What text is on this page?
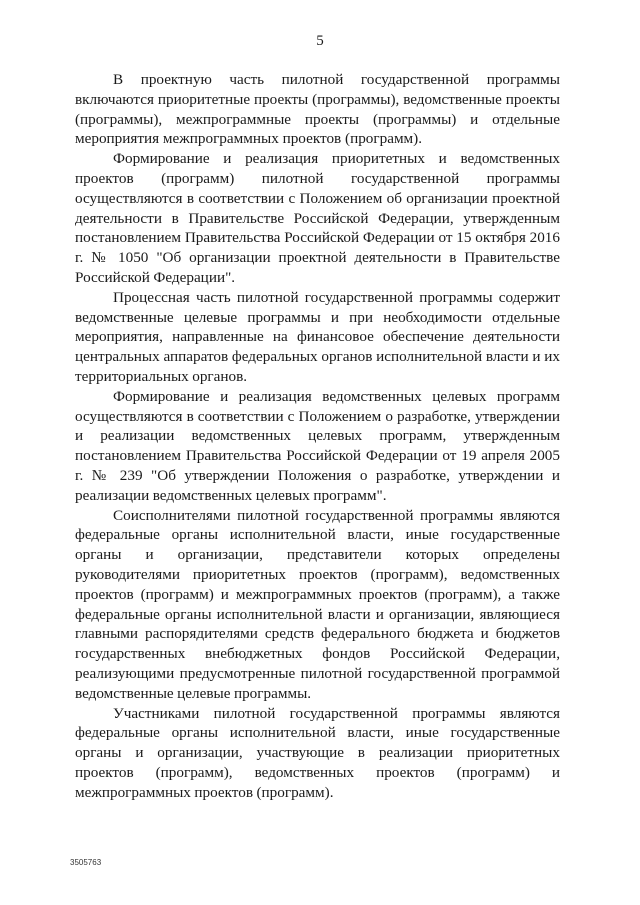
5

В проектную часть пилотной государственной программы включаются приоритетные проекты (программы), ведомственные проекты (программы), межпрограммные проекты (программы) и отдельные мероприятия межпрограммных проектов (программ).

Формирование и реализация приоритетных и ведомственных проектов (программ) пилотной государственной программы осуществляются в соответствии с Положением об организации проектной деятельности в Правительстве Российской Федерации, утвержденным постановлением Правительства Российской Федерации от 15 октября 2016 г. № 1050 "Об организации проектной деятельности в Правительстве Российской Федерации".

Процессная часть пилотной государственной программы содержит ведомственные целевые программы и при необходимости отдельные мероприятия, направленные на финансовое обеспечение деятельности центральных аппаратов федеральных органов исполнительной власти и их территориальных органов.

Формирование и реализация ведомственных целевых программ осуществляются в соответствии с Положением о разработке, утверждении и реализации ведомственных целевых программ, утвержденным постановлением Правительства Российской Федерации от 19 апреля 2005 г. № 239 "Об утверждении Положения о разработке, утверждении и реализации ведомственных целевых программ".

Соисполнителями пилотной государственной программы являются федеральные органы исполнительной власти, иные государственные органы и организации, представители которых определены руководителями приоритетных проектов (программ), ведомственных проектов (программ) и межпрограммных проектов (программ), а также федеральные органы исполнительной власти и организации, являющиеся главными распорядителями средств федерального бюджета и бюджетов государственных внебюджетных фондов Российской Федерации, реализующими предусмотренные пилотной государственной программой ведомственные целевые программы.

Участниками пилотной государственной программы являются федеральные органы исполнительной власти, иные государственные органы и организации, участвующие в реализации приоритетных проектов (программ), ведомственных проектов (программ) и межпрограммных проектов (программ).

3505763
